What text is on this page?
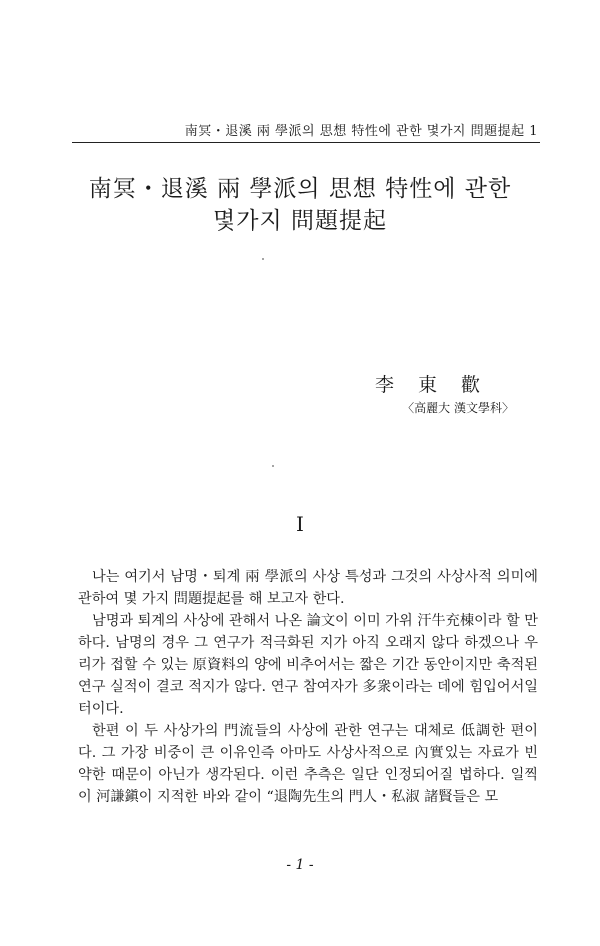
南冥・退溪 兩 學派의 思想 特性에 관한 몇가지 問題提起 1
南冥・退溪 兩 學派의 思想 特性에 관한
몇가지 問題提起
李東歡
〈高麗大 漢文學科〉
I

나는 여기서 남명・퇴계 兩 學派의 사상 특성과 그것의 사상사적 의미에 관하여 몇 가지 問題提起를 해 보고자 한다.

남명과 퇴계의 사상에 관해서 나온 論文이 이미 가위 汗牛充棟이라 할 만하다. 남명의 경우 그 연구가 적극화된 지가 아직 오래지 않다 하겠으나 우리가 접할 수 있는 原資料의 양에 비추어서는 짧은 기간 동안이지만 축적된 연구 실적이 결코 적지가 않다. 연구 참여자가 多衆이라는 데에 힘입어서일 터이다.

한편 이 두 사상가의 門流들의 사상에 관한 연구는 대체로 低調한 편이다. 그 가장 비중이 큰 이유인즉 아마도 사상사적으로 內實있는 자료가 빈약한 때문이 아닌가 생각된다. 이런 추측은 일단 인정되어질 법하다. 일찍이 河謙鎭이 지적한 바와 같이 “退陶先生의 門人・私淑 諸賢들은 모

- 1 -
